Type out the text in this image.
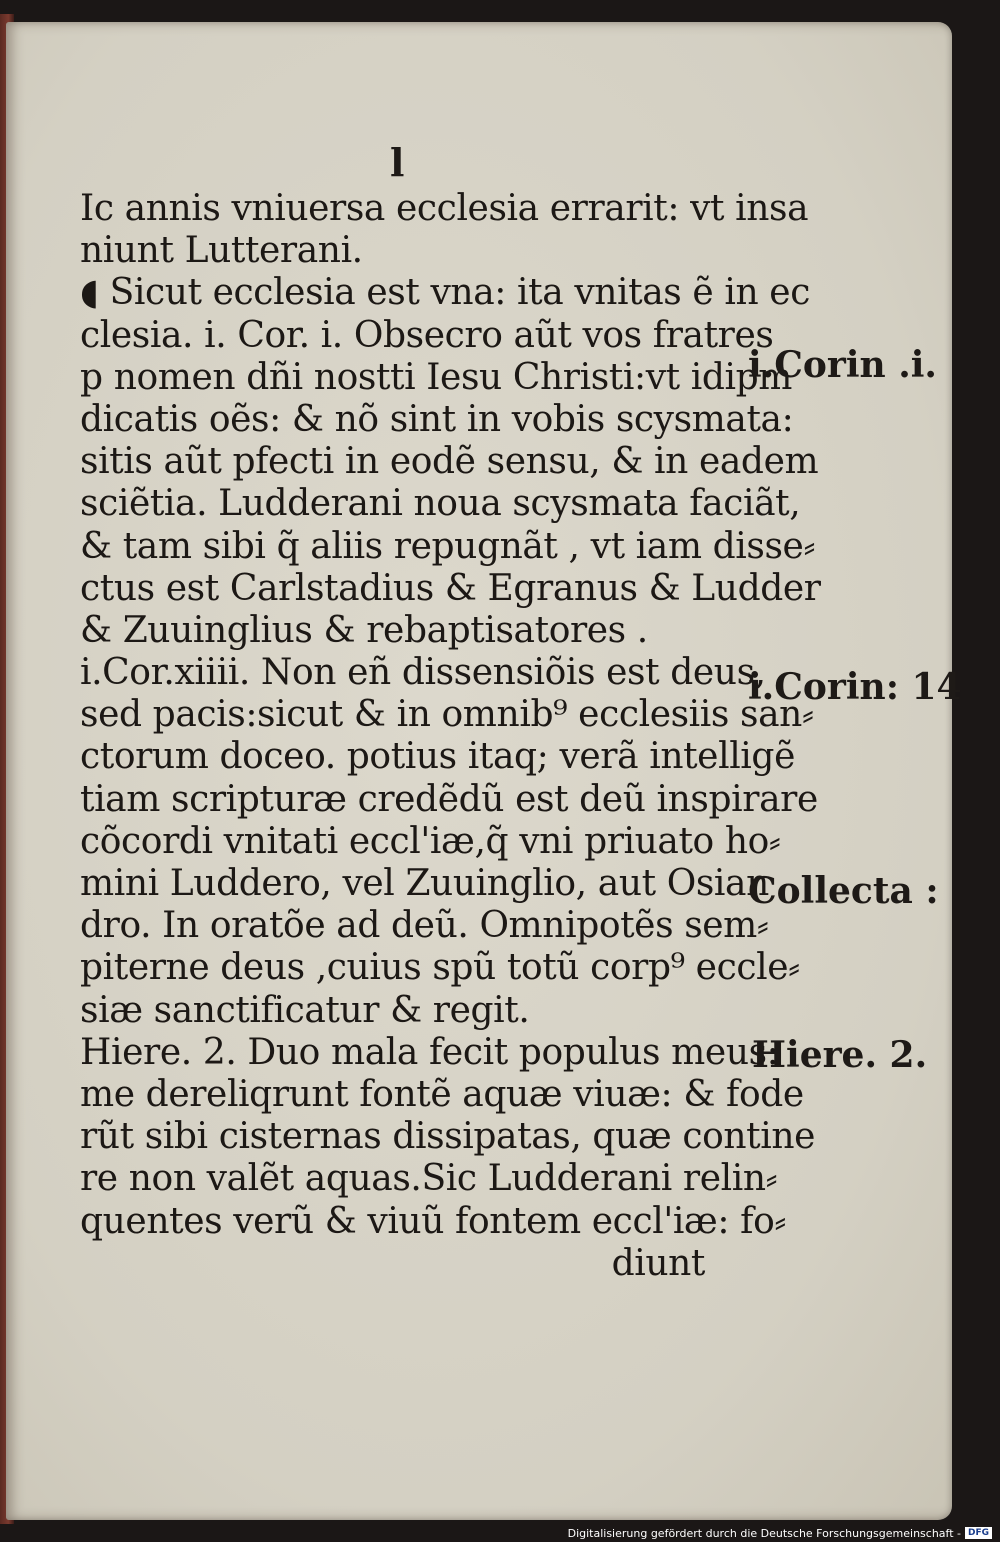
l
Ic annis vniuersa ecclesia errarit: vt insa
niunt Lutterani.
◖ Sicut ecclesia est vna: ita vnitas ẽ in ec
clesia. i. Cor. i. Obsecro aũt vos fratres
p nomen dñi nostti Iesu Christi:vt idipm
dicatis oẽs: & nõ sint in vobis scysmata:
sitis aũt pfecti in eodẽ sensu, & in eadem
sciẽtia. Ludderani noua scysmata faciãt,
& tam sibi q̃ aliis repugnãt , vt iam disse⸗
ctus est Carlstadius & Egranus & Ludder
& Zuuinglius & rebaptisatores .
i.Cor.xiiii. Non eñ dissensiõis est deus,
sed pacis:sicut & in omnib⁹ ecclesiis san⸗
ctorum doceo. potius itaq; verã intelligẽ
tiam scripturæ credẽdũ est deũ inspirare
cõcordi vnitati eccl'iæ,q̃ vni priuato ho⸗
mini Luddero, vel Zuuinglio, aut Osian
dro. In oratõe ad deũ. Omnipotẽs sem⸗
piterne deus ,cuius spũ totũ corp⁹ eccle⸗
siæ sanctificatur & regit.
Hiere. 2. Duo mala fecit populus meus:
me dereliqrunt fontẽ aquæ viuæ: & fode
rũt sibi cisternas dissipatas, quæ contine
re non valẽt aquas.Sic Ludderani relin⸗
quentes verũ & viuũ fontem eccl'iæ: fo⸗
diunt
i.Corin .i.
i.Corin: 14
Collecta :
Hiere. 2.
Digitalisierung gefördert durch die Deutsche Forschungsgemeinschaft - DFG
